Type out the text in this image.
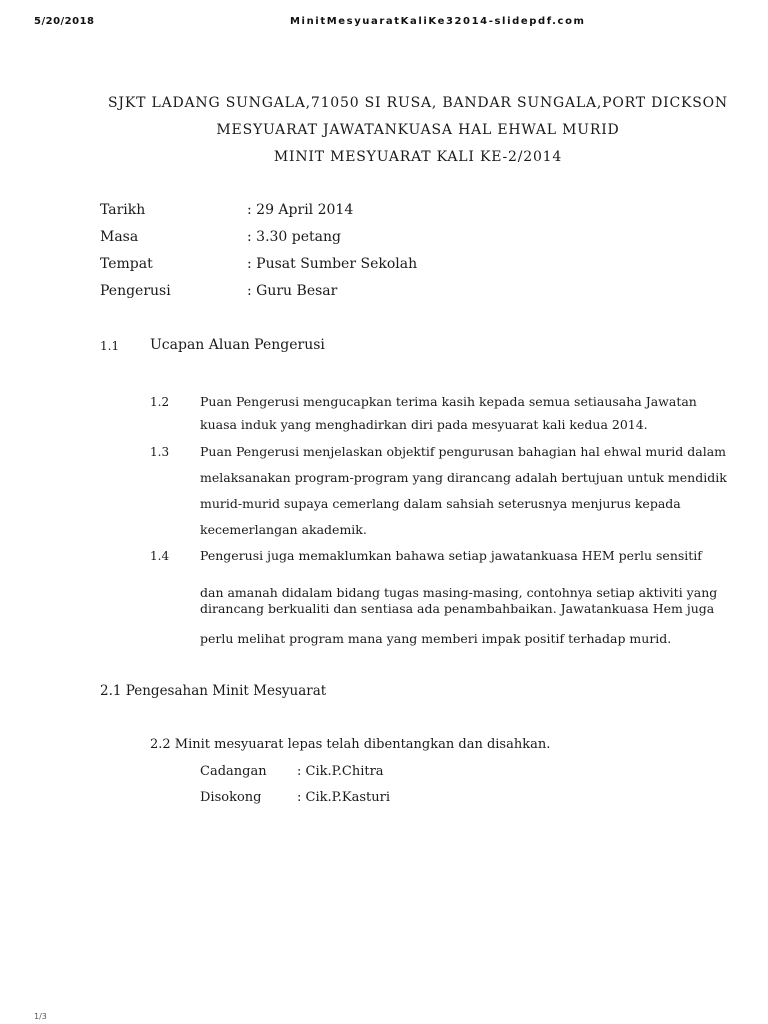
5/20/2018	MinitMesyuaratKaliKe32014-slidepdf.com
SJKT LADANG SUNGALA,71050 SI RUSA, BANDAR SUNGALA,PORT DICKSON
MESYUARAT JAWATANKUASA HAL EHWAL MURID
MINIT MESYUARAT KALI KE-2/2014
Tarikh	: 29 April 2014
Masa	: 3.30 petang
Tempat	: Pusat Sumber Sekolah
Pengerusi	: Guru Besar
1.1 Ucapan Aluan Pengerusi
1.2 Puan Pengerusi mengucapkan terima kasih kepada semua setiausaha Jawatan
kuasa induk yang menghadirkan diri pada mesyuarat kali kedua 2014.
1.3 Puan Pengerusi menjelaskan objektif pengurusan bahagian hal ehwal murid dalam
melaksanakan program-program yang dirancang adalah bertujuan untuk mendidik
murid-murid supaya cemerlang dalam sahsiah seterusnya menjurus kepada
kecemerlangan akademik.
1.4 Pengerusi juga memaklumkan bahawa setiap jawatankuasa HEM perlu sensitif
dan amanah didalam bidang tugas masing-masing, contohnya setiap aktiviti yang
dirancang berkualiti dan sentiasa ada penambahbaikan. Jawatankuasa Hem juga
perlu melihat program mana yang memberi impak positif terhadap murid.
2.1 Pengesahan Minit Mesyuarat
2.2 Minit mesyuarat lepas telah dibentangkan dan disahkan.
Cadangan : Cik.P.Chitra
Disokong	: Cik.P.Kasturi
1/3
